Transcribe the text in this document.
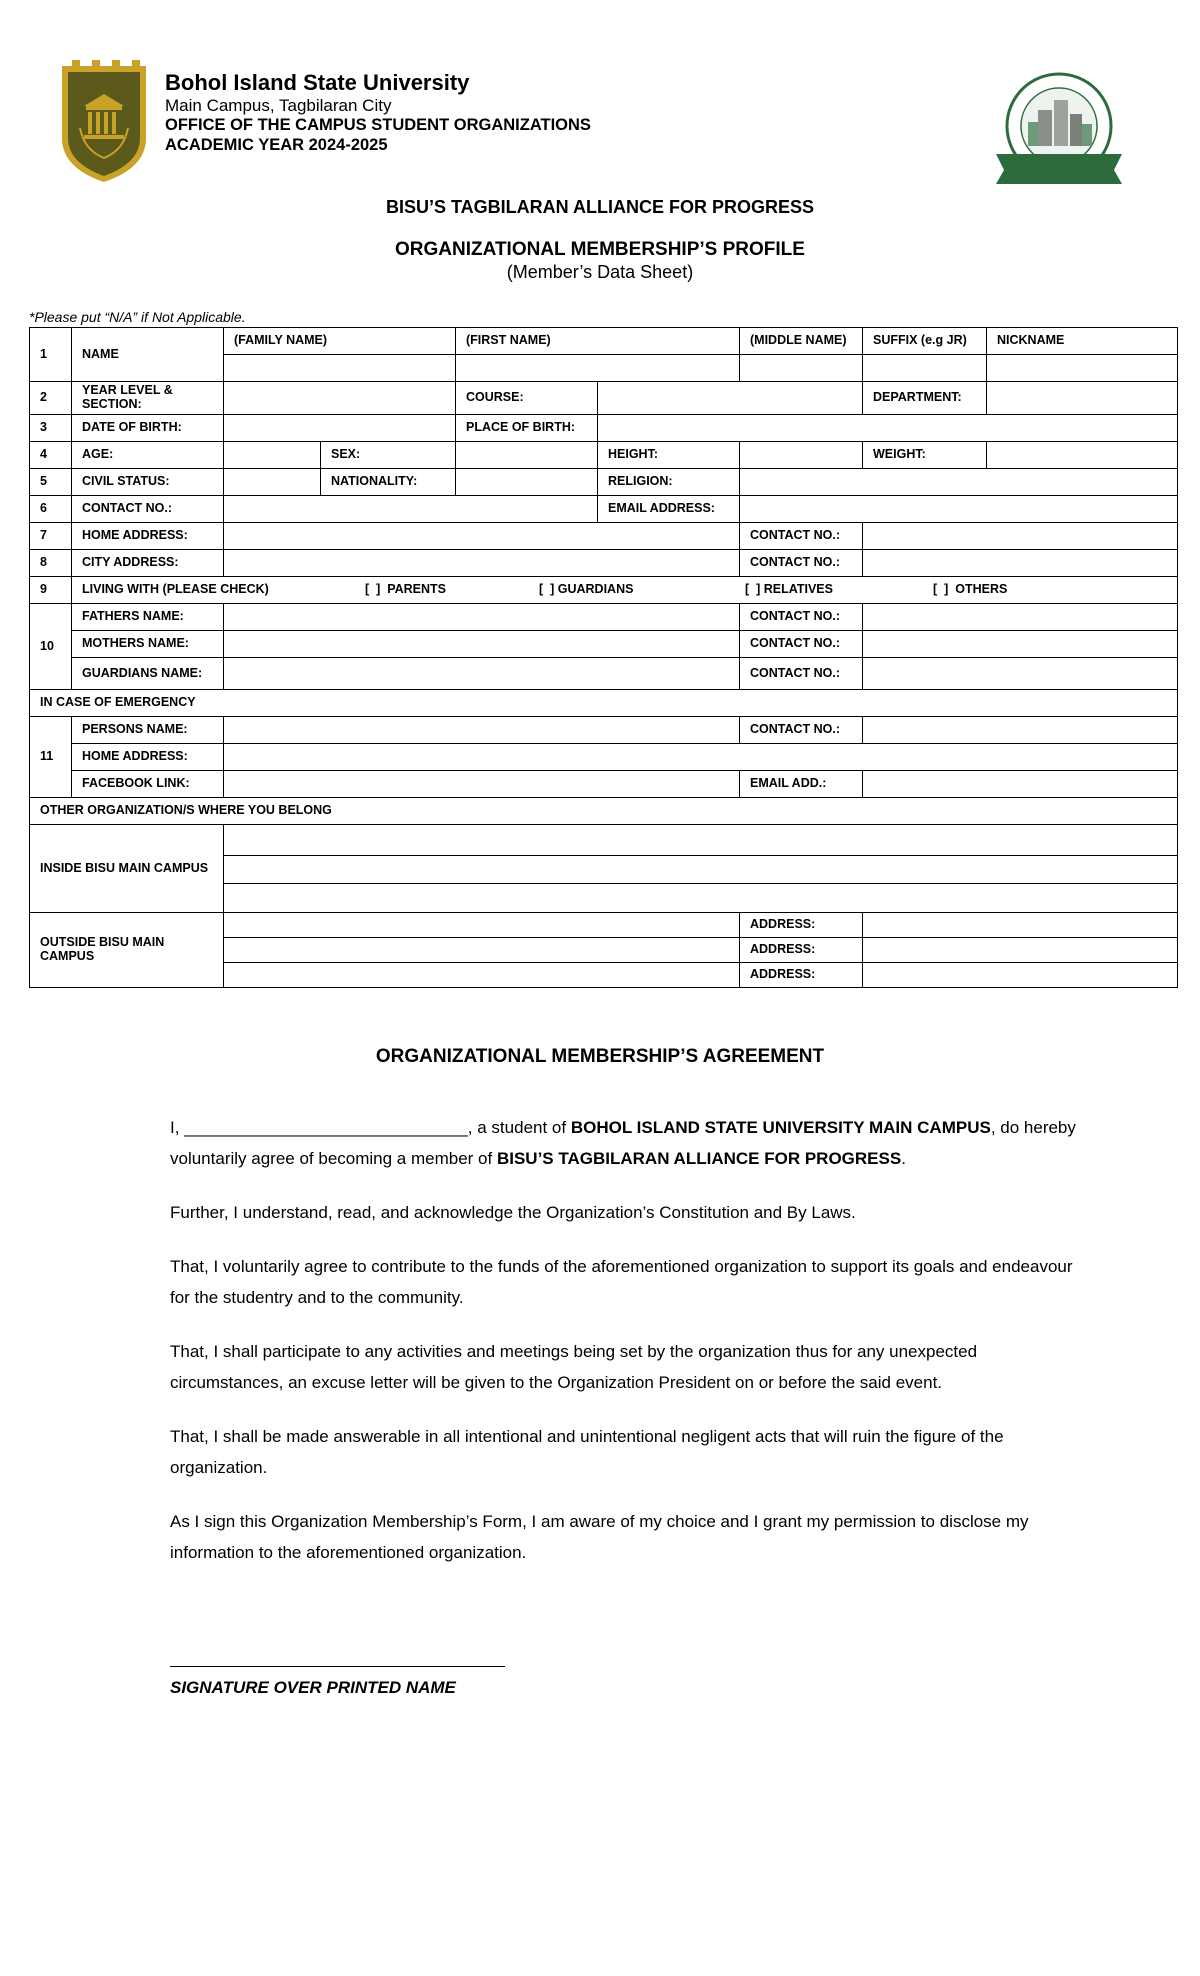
Bohol Island State University
Main Campus, Tagbilaran City
OFFICE OF THE CAMPUS STUDENT ORGANIZATIONS
ACADEMIC YEAR 2024-2025
BISU’S TAGBILARAN ALLIANCE FOR PROGRESS
ORGANIZATIONAL MEMBERSHIP’S PROFILE
(Member’s Data Sheet)
*Please put “N/A” if Not Applicable.
1	NAME	(FAMILY NAME)		(FIRST NAME)		(MIDDLE NAME)	SUFFIX (e.g JR)	NICKNAME

2	YEAR LEVEL & SECTION:			COURSE:			DEPARTMENT:	
3	DATE OF BIRTH:			PLACE OF BIRTH:				
4	AGE:		SEX:		HEIGHT:		WEIGHT:	
5	CIVIL STATUS:		NATIONALITY:		RELIGION:			
6	CONTACT NO.:				EMAIL ADDRESS:			
7	HOME ADDRESS:					CONTACT NO.:		
8	CITY ADDRESS:					CONTACT NO.:		
9	LIVING WITH (PLEASE CHECK) [  ]  PARENTS [  ] GUARDIANS [  ] RELATIVES [  ]  OTHERS							
10	FATHERS NAME:					CONTACT NO.:		
	MOTHERS NAME:					CONTACT NO.:		
	GUARDIANS NAME:					CONTACT NO.:		
IN CASE OF EMERGENCY								
11	PERSONS NAME:					CONTACT NO.:		
	HOME ADDRESS:							
	FACEBOOK LINK:					EMAIL ADD.:		
OTHER ORGANIZATION/S WHERE YOU BELONG								
INSIDE BISU MAIN CAMPUS								

OUTSIDE BISU MAIN CAMPUS						ADDRESS:		
						ADDRESS:		
						ADDRESS:		
ORGANIZATIONAL MEMBERSHIP’S AGREEMENT
I, ______________________________, a student of BOHOL ISLAND STATE UNIVERSITY MAIN CAMPUS, do hereby voluntarily agree of becoming a member of BISU’S TAGBILARAN ALLIANCE FOR PROGRESS.
Further, I understand, read, and acknowledge the Organization’s Constitution and By Laws.
That, I voluntarily agree to contribute to the funds of the aforementioned organization to support its goals and endeavour for the studentry and to the community.
That, I shall participate to any activities and meetings being set by the organization thus for any unexpected circumstances, an excuse letter will be given to the Organization President on or before the said event.
That, I shall be made answerable in all intentional and unintentional negligent acts that will ruin the figure of the organization.
As I sign this Organization Membership’s Form, I am aware of my choice and I grant my permission to disclose my information to the aforementioned organization.
SIGNATURE OVER PRINTED NAME
